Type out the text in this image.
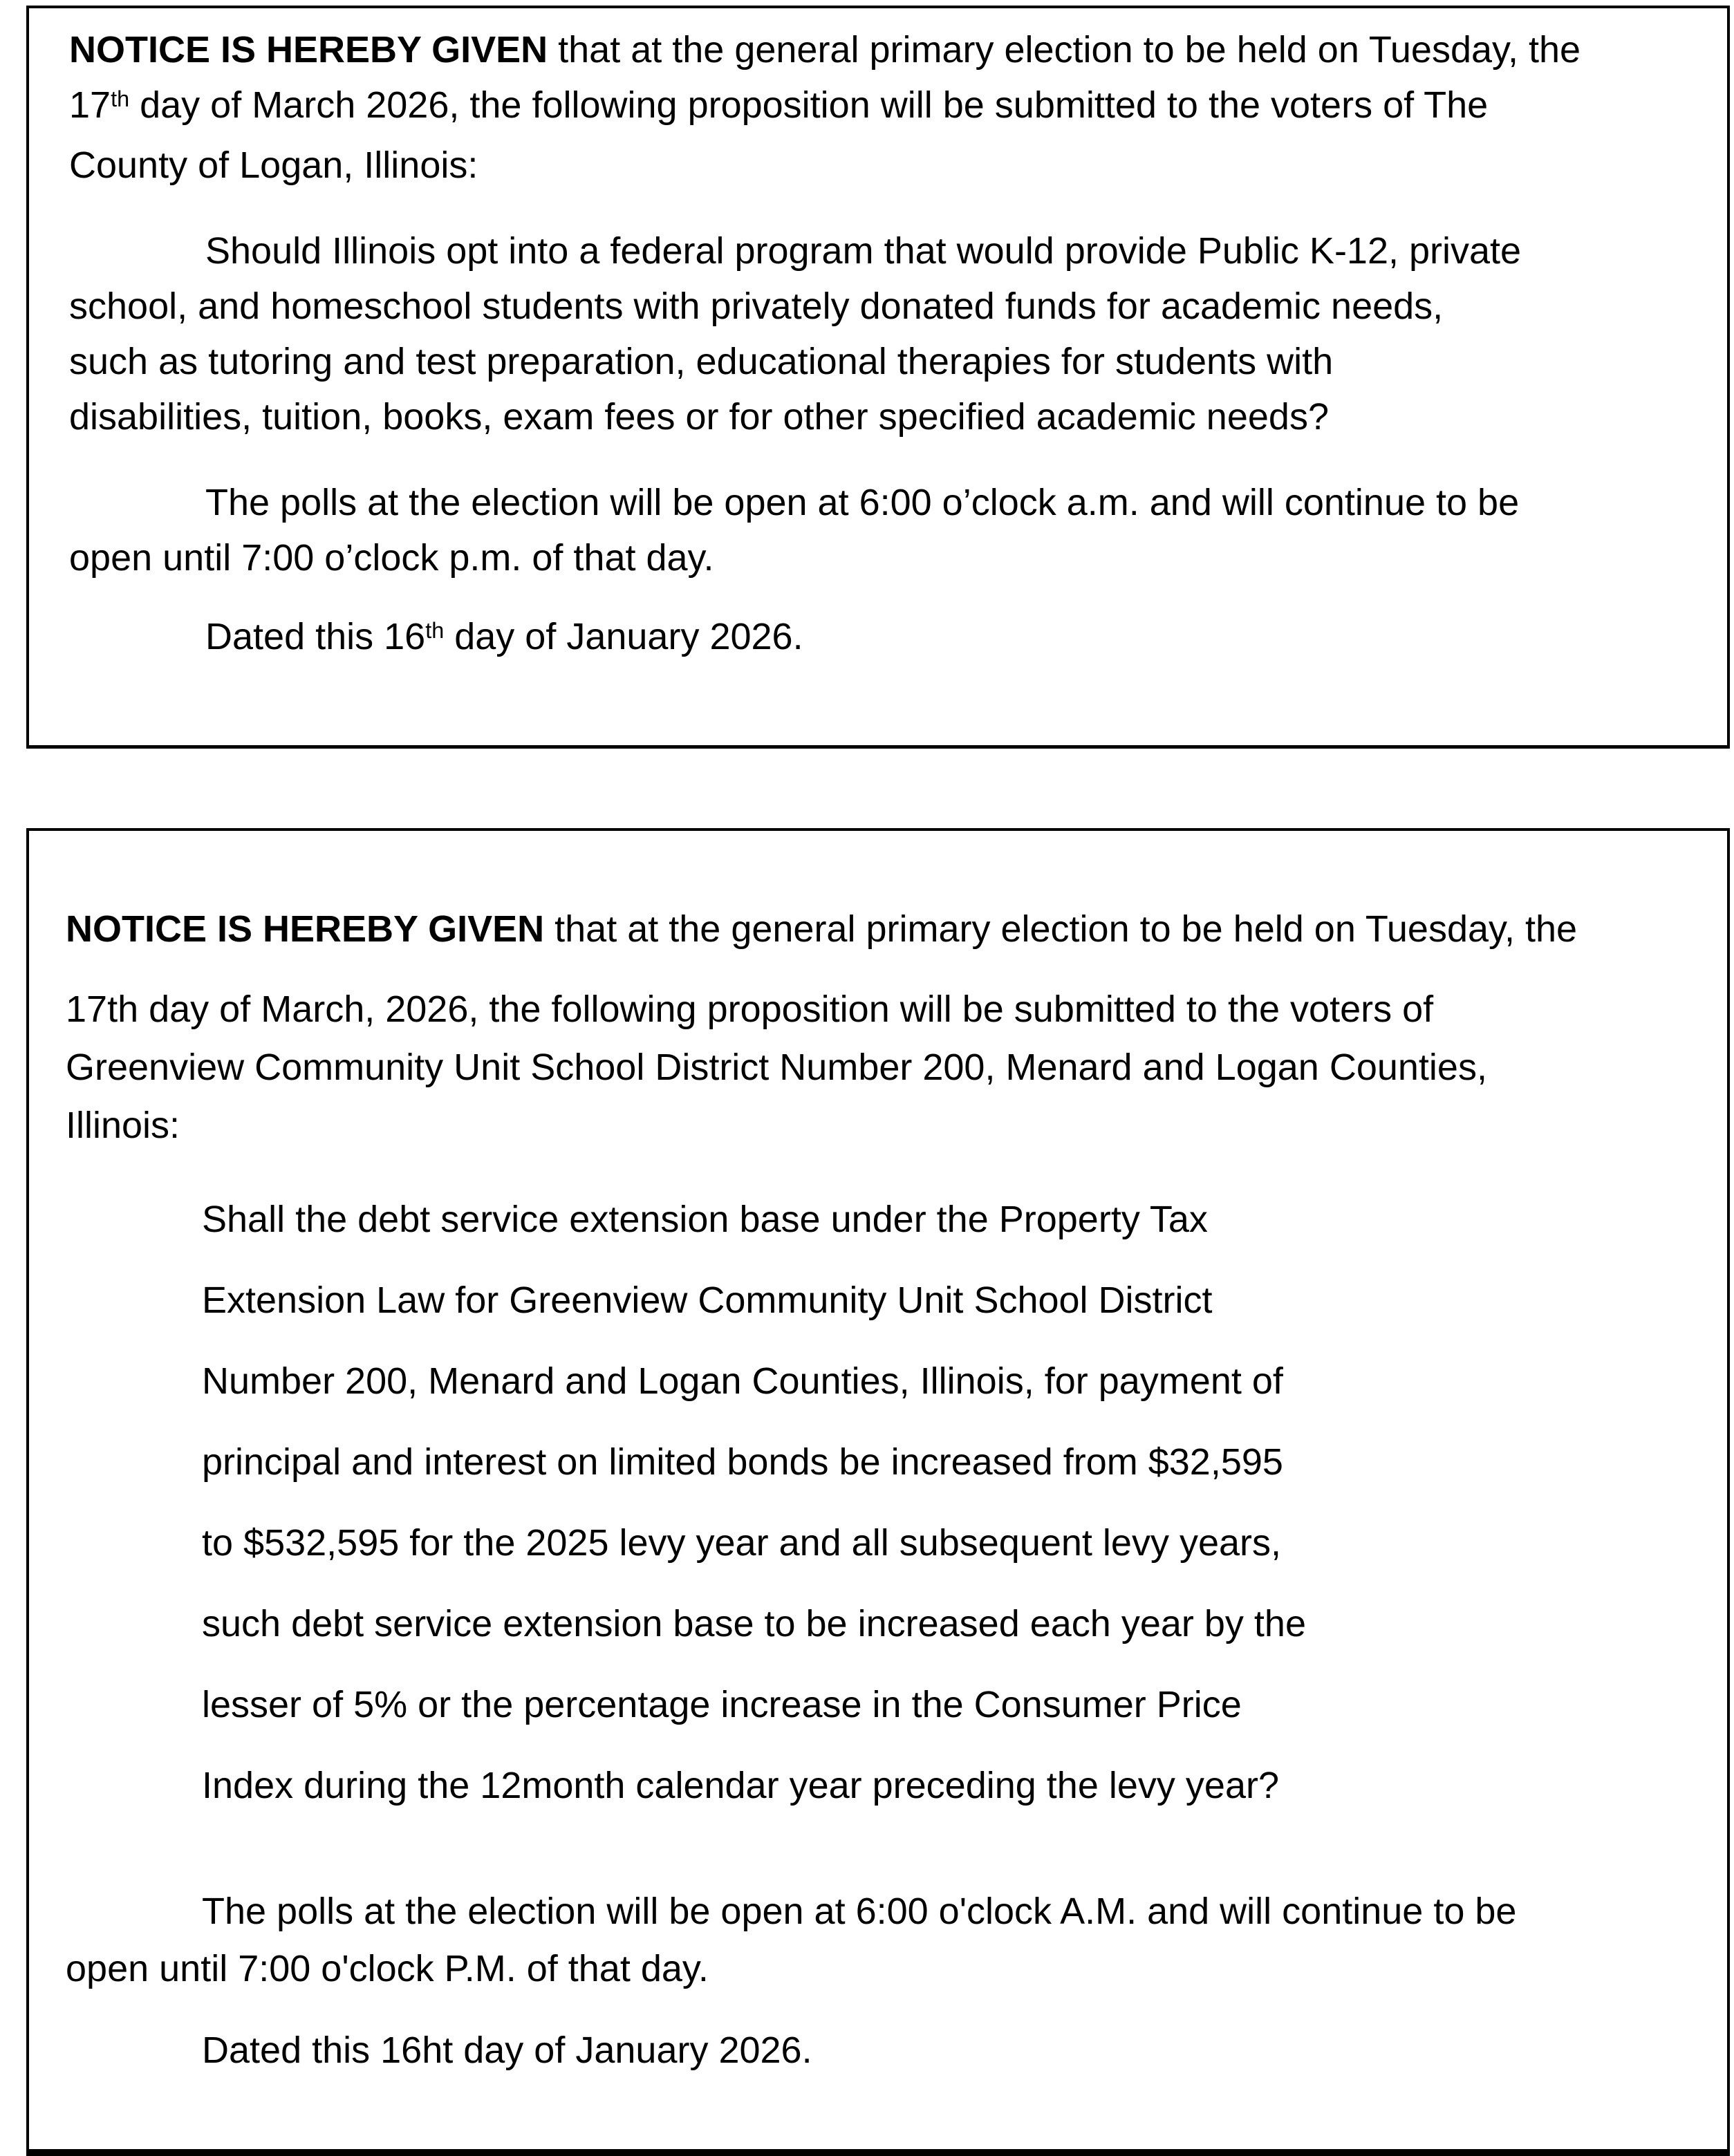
NOTICE IS HEREBY GIVEN that at the general primary election to be held on Tuesday, the
17th day of March 2026, the following proposition will be submitted to the voters of The
County of Logan, Illinois:
Should Illinois opt into a federal program that would provide Public K-12, private
school, and homeschool students with privately donated funds for academic needs,
such as tutoring and test preparation, educational therapies for students with
disabilities, tuition, books, exam fees or for other specified academic needs?
The polls at the election will be open at 6:00 o’clock a.m. and will continue to be
open until 7:00 o’clock p.m. of that day.
Dated this 16th day of January 2026.
NOTICE IS HEREBY GIVEN that at the general primary election to be held on Tuesday, the
17th day of March, 2026, the following proposition will be submitted to the voters of
Greenview Community Unit School District Number 200, Menard and Logan Counties,
Illinois:
Shall the debt service extension base under the Property Tax
Extension Law for Greenview Community Unit School District
Number 200, Menard and Logan Counties, Illinois, for payment of
principal and interest on limited bonds be increased from $32,595
to $532,595 for the 2025 levy year and all subsequent levy years,
such debt service extension base to be increased each year by the
lesser of 5% or the percentage increase in the Consumer Price
Index during the 12month calendar year preceding the levy year?
The polls at the election will be open at 6:00 o'clock A.M. and will continue to be
open until 7:00 o'clock P.M. of that day.
Dated this 16ht day of January 2026.
